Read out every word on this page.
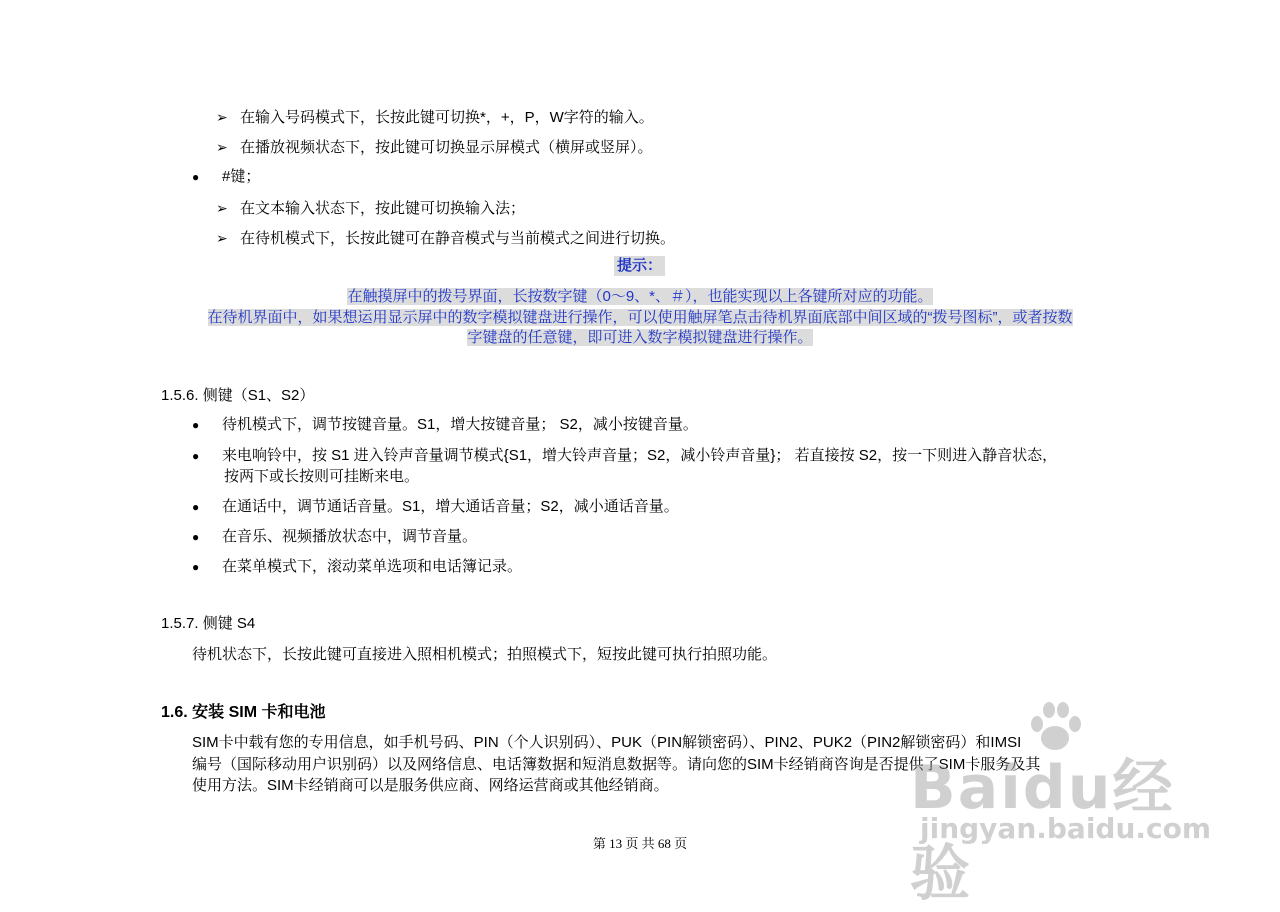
➢ 在输入号码模式下，长按此键可切换*，+，P，W字符的输入。
➢ 在播放视频状态下，按此键可切换显示屏模式（横屏或竖屏）。
● #键；
➢ 在文本输入状态下，按此键可切换输入法；
➢ 在待机模式下，长按此键可在静音模式与当前模式之间进行切换。
提示：
在触摸屏中的拨号界面，长按数字键（0～9、*、＃），也能实现以上各键所对应的功能。
在待机界面中，如果想运用显示屏中的数字模拟键盘进行操作，可以使用触屏笔点击待机界面底部中间区域的“拨号图标”，或者按数
字键盘的任意键，即可进入数字模拟键盘进行操作。
1.5.6. 侧键（S1、S2）
● 待机模式下，调节按键音量。S1，增大按键音量； S2，减小按键音量。
● 来电响铃中，按 S1 进入铃声音量调节模式{S1，增大铃声音量；S2，减小铃声音量}； 若直接按 S2，按一下则进入静音状态，
按两下或长按则可挂断来电。
● 在通话中，调节通话音量。S1，增大通话音量；S2，减小通话音量。
● 在音乐、视频播放状态中，调节音量。
● 在菜单模式下，滚动菜单选项和电话簿记录。
1.5.7. 侧键 S4
待机状态下，长按此键可直接进入照相机模式；拍照模式下，短按此键可执行拍照功能。
1.6. 安装 SIM 卡和电池
SIM卡中载有您的专用信息，如手机号码、PIN（个人识别码）、PUK（PIN解锁密码）、PIN2、PUK2（PIN2解锁密码）和IMSI
编号（国际移动用户识别码）以及网络信息、电话簿数据和短消息数据等。请向您的SIM卡经销商咨询是否提供了SIM卡服务及其
使用方法。SIM卡经销商可以是服务供应商、网络运营商或其他经销商。
第 13 页 共 68 页
Baidu经验
jingyan.baidu.com
